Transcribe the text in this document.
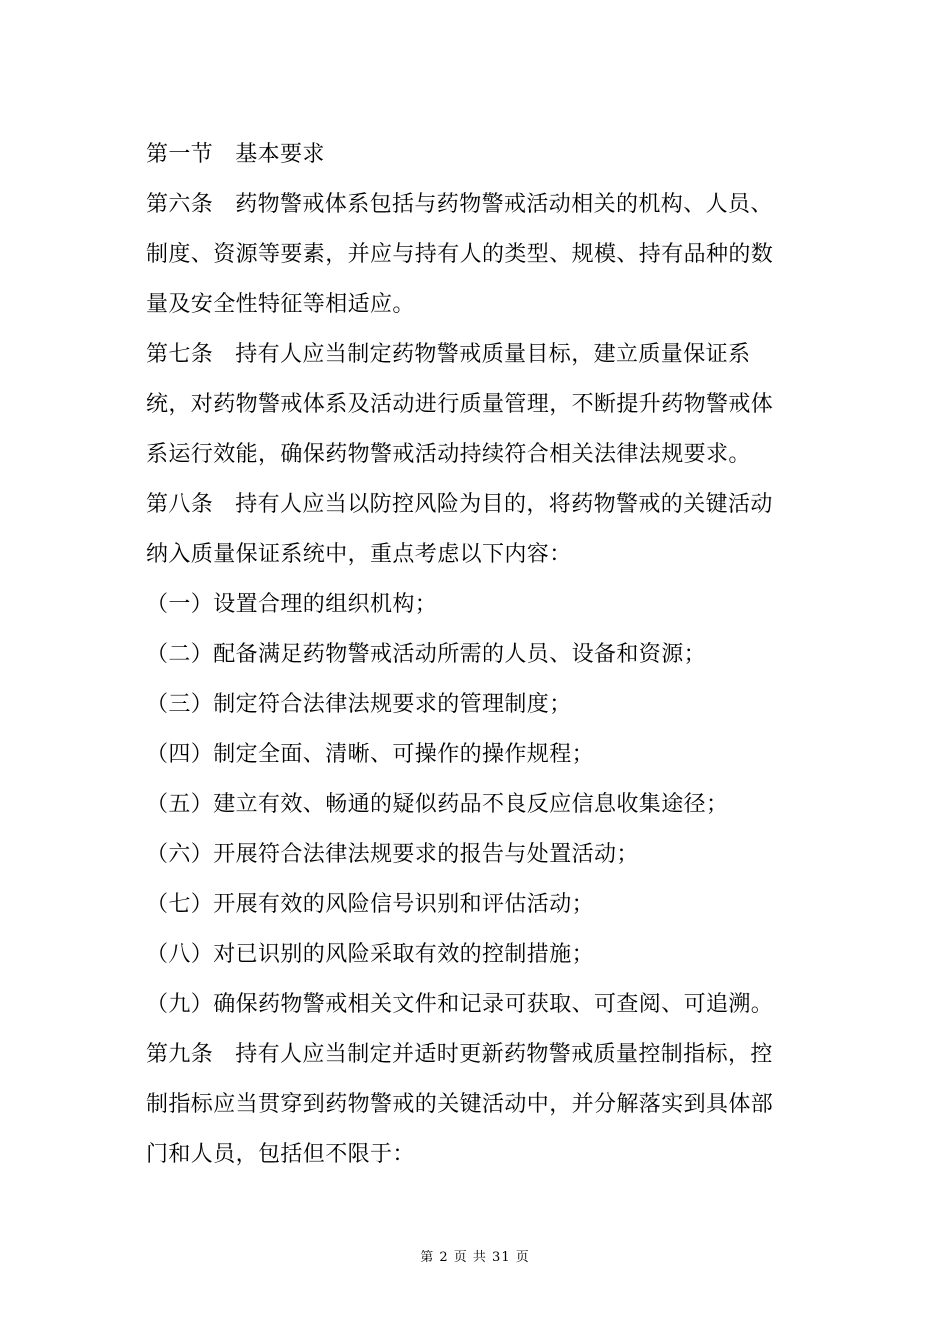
第一节 基本要求
第六条 药物警戒体系包括与药物警戒活动相关的机构、人员、
制度、资源等要素，并应与持有人的类型、规模、持有品种的数
量及安全性特征等相适应。
第七条 持有人应当制定药物警戒质量目标，建立质量保证系
统，对药物警戒体系及活动进行质量管理，不断提升药物警戒体
系运行效能，确保药物警戒活动持续符合相关法律法规要求。
第八条 持有人应当以防控风险为目的，将药物警戒的关键活动
纳入质量保证系统中，重点考虑以下内容：
（一）设置合理的组织机构；
（二）配备满足药物警戒活动所需的人员、设备和资源；
（三）制定符合法律法规要求的管理制度；
（四）制定全面、清晰、可操作的操作规程；
（五）建立有效、畅通的疑似药品不良反应信息收集途径；
（六）开展符合法律法规要求的报告与处置活动；
（七）开展有效的风险信号识别和评估活动；
（八）对已识别的风险采取有效的控制措施；
（九）确保药物警戒相关文件和记录可获取、可查阅、可追溯。
第九条 持有人应当制定并适时更新药物警戒质量控制指标，控
制指标应当贯穿到药物警戒的关键活动中，并分解落实到具体部
门和人员，包括但不限于：
第 2 页 共 31 页
